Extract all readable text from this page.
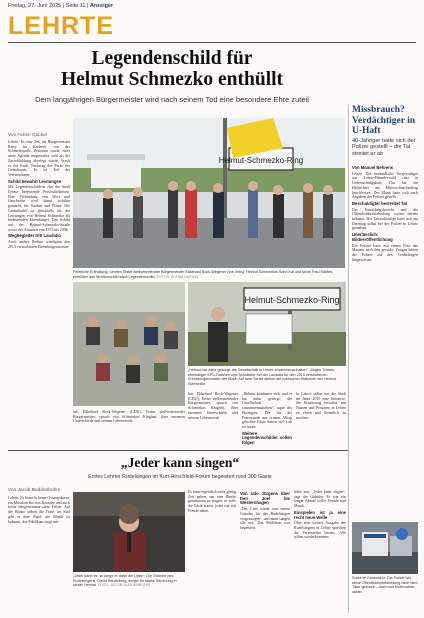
Freitag, 27. Juni 2025 | Seite 11 | Anzeiger
LEHRTE
Legendenschild für
Helmut Schmezko enthüllt
Dem langjährigen Bürgermeister wird nach seinem Tod eine besondere Ehre zuteil
Missbrauch? Verdächtiger in U-Haft
40-Jähriger hatte sich der Polizei gestellt – die Tat streitet er ab
Von Manuel Behrens
Lehrte. Der mutmaßliche Vergewaltiger aus Lehrte-Hämelerwald sitzt in Untersuchungshaft. Das hat ein Haftrichter am Mittwochnachmittag beschlossen. Der Mann hatte sich nach Angaben der Polizei gestellt.
Beschuldigter bestreitet Tat
Der Ermittlungsbericht und die Öffentlichkeitsfahndung waren bereits bekannt. Der Tatverdächtige hatte sich am Dienstag selbst bei der Polizei in Lehrte gemeldet.
Unerlässlich: Bildveröffentlichung
Die Polizei hatte mit einem Foto des Mannes nach ihm gesucht. Zeugen hatten die Polizei auf den Verdächtigen hingewiesen.
Sucht im Feuerwehr: Die Polizei hat seine Öffentlichkeitsfahndung nach dem Täter gesucht – doch nun bleibt weiter sicher.
Von Achim Gückel
Lehrte. Es eine Zeit als Bürgermeister Reise bis Kaderstr. von der Schmelzstraße. Zeitraum wurde einer seine Agenda umgestaltet, weil als die Zurückbildung überlegt wurde, brach er das Ende. Nachtrag des Parks der Gründerzeit. Es ist Teil der Vereinsräume.
Schild bewahrt Leistungen
Mit Legendenschildern ehrt die Stadt Lehrte bedeutende Persönlichkeiten. Eine Verbindung von Wort und Geschichte wird damit sichtbar gemacht, für Straßen und Plätze. Die Gedenktafel ist gleichfalls für die Leistungen von Helmut Schmezko als bedeutenden Ehrenbürger. Das Schild auf der Helmut-Schmezko-Straße sowie der Amtszeit von 1972 bis 2006.
Wegbegleiter tritt Laudatio
Auch andere Redner würdigten den 2013 verstorbenen Ehrenbürgermeister.
Helmut-Schmezko-Ring
Feierliche Enthüllung: Lehrtes Erster stellvertretender Bürgermeister Ekkehard Bock-Wegener (von links), Helmut Schmezkos Sohn Kai und seine Frau Marlies enthüllen das Straßenschild samt Legendenschild. FOTOS: ACHIM GÜCKEL
Helmut-Schmezko-Ring
„Helmut hat dafür gesorgt, die Gesellschaft in Lehrte zusammenzuhalten“: Jürgen Trewes, ehemaliger SPD-Ratsherr und Schulleiter bei der Laudatio für den 2013 verstorbenen Ehrenbürgermeister der Stadt. Auf dem Schild stehen die politischen Stationen von Helmut Schmezko.
hat. Ekkehard Bock-Wegener (CDU), Erster stellvertretender Bürgermeister, sprach von Schmezkos Klugheit, ihrer enormen Unterschiede und seinem Lebenswerk.
„Helmut kümmerte sich, und er hat dafür gesorgt, die Gesellschaft zusammenzuhalten“, sagte der Ehrengast. Die für die Feierstunde aus seinem Alltag geholten Gäste hatten viel Lob zu hören.
Weitere Legendenschilder sollen folgen
In Lehrte selbst trat die Stadt im Jahre 2019 eine Initiative, die Erinnerung bewahrt, um Namen und Personen in Lehrte zu ehren und kenntlich zu machen.
hat. Ekkehard Bock-Wegener (CDU), Erster stellvertretender Bürgermeister, sprach von Schmezkos Klugheit, ihrer enormen Unterschiede und seinem Lebenswerk.
„Jeder kann singen“
Erstes Lehrter Rudelsingen im Kurt-Hirschfeld-Forum begeistert rund 300 Gäste
Von Jacob Buddenbohm
Lehrte. Es braucht keine Gesangskurse, ein Musikverbot von Karaoke und auch keine Sängerstimme ohne Fehler. Auf der Bühne stehen die Texte, im Saal gibt es eine Band, die Musik ist bekannt, das Publikum singt mit.
„Jeder kann es, so lange er dafür die Liebe“: Die Gründer des Rudelsingens, David Rauterberg, sorgte für starke Stimmung in seiner Heimat. FOTO: JACOB BUDDENBOHM
Es kann eigentlich nicht genug Zeit geben, um eine Runde gemeinsam zu singen, so viele die Gäste waren, jeder war mit Freude dabei.
Von Udo Jürgens über Den Joel bis Westernhagen
„Das Lied wurde von einem Gründer für das Rudelsingen vorgesungen“, und dann sangen alle mit. Das Publikum war begeistert.
lehre war, „Jeder kann singen“, sagt der Gründer. Es war ein langer Abend voller Freude und Musik.
Einspielen ist ja eine recht neue Welle
Über eine weitere Ausgabe des Rudelsingens in Lehrte sprechen die Veranstalter bereits. Alle sollen wiederkommen.
